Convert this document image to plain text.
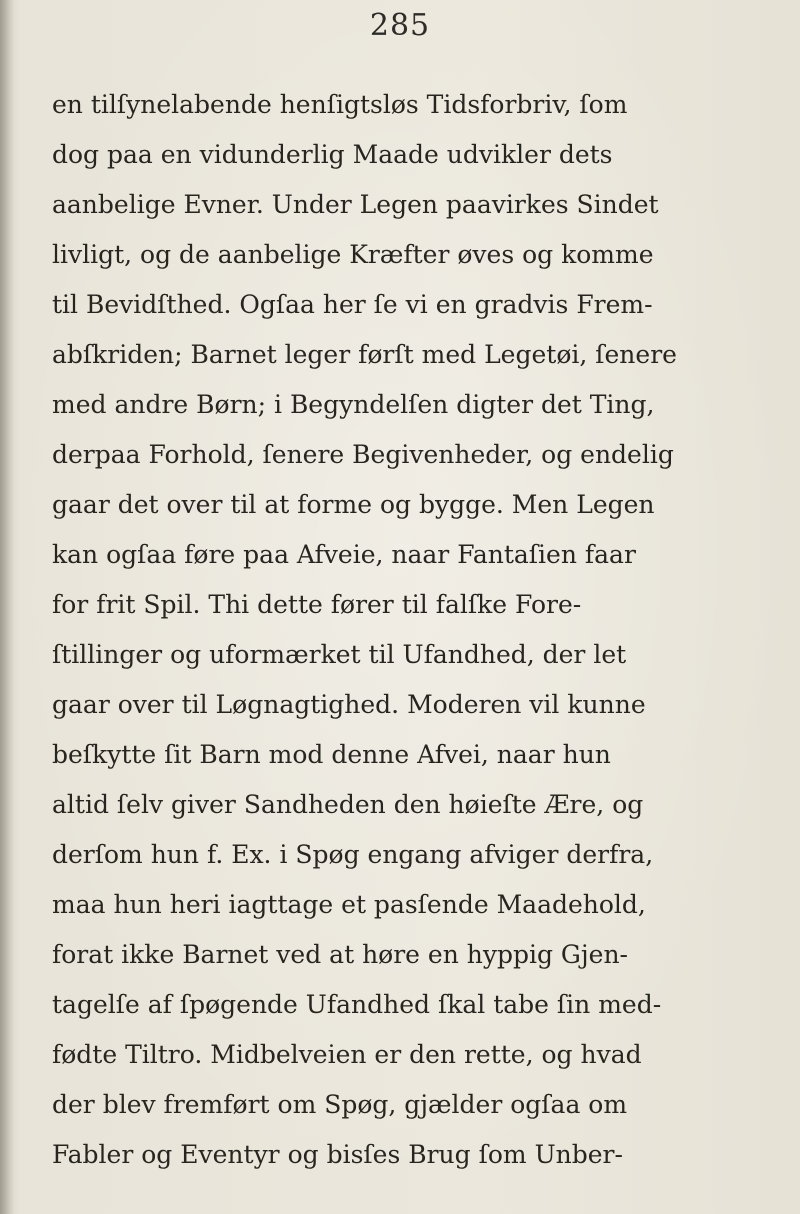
285
en tilſynelabende henſigtsløs Tidsforbriv, ſom
dog paa en vidunderlig Maade udvikler dets
aanbelige Evner. Under Legen paavirkes Sindet
livligt, og de aanbelige Kræfter øves og komme
til Bevidſthed. Ogſaa her ſe vi en gradvis Frem-
abſkriden; Barnet leger førſt med Legetøi, ſenere
med andre Børn; i Begyndelſen digter det Ting,
derpaa Forhold, ſenere Begivenheder, og endelig
gaar det over til at forme og bygge. Men Legen
kan ogſaa føre paa Afveie, naar Fantaſien faar
for frit Spil. Thi dette fører til falſke Fore-
ſtillinger og uformærket til Ufandhed, der let
gaar over til Løgnagtighed. Moderen vil kunne
beſkytte ſit Barn mod denne Afvei, naar hun
altid ſelv giver Sandheden den høieſte Ære, og
derſom hun f. Ex. i Spøg engang afviger derfra,
maa hun heri iagttage et pasſende Maadehold,
forat ikke Barnet ved at høre en hyppig Gjen-
tagelſe af ſpøgende Ufandhed ſkal tabe ſin med-
fødte Tiltro. Midbelveien er den rette, og hvad
der blev fremført om Spøg, gjælder ogſaa om
Fabler og Eventyr og bisſes Brug ſom Unber-
